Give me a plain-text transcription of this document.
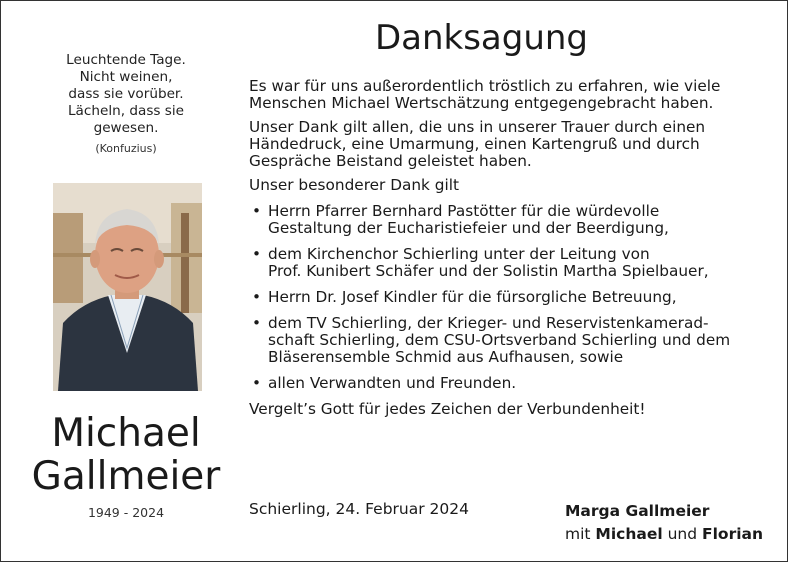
Leuchtende Tage.
Nicht weinen,
dass sie vorüber.
Lächeln, dass sie
gewesen.
(Konfuzius)
Michael
Gallmeier
1949 - 2024
Danksagung
Es war für uns außerordentlich tröstlich zu erfahren, wie viele
Menschen Michael Wertschätzung entgegengebracht haben.
Unser Dank gilt allen, die uns in unserer Trauer durch einen
Händedruck, eine Umarmung, einen Kartengruß und durch
Gespräche Beistand geleistet haben.
Unser besonderer Dank gilt
• Herrn Pfarrer Bernhard Pastötter für die würdevolle
Gestaltung der Eucharistiefeier und der Beerdigung,
• dem Kirchenchor Schierling unter der Leitung von
Prof. Kunibert Schäfer und der Solistin Martha Spielbauer,
• Herrn Dr. Josef Kindler für die fürsorgliche Betreuung,
• dem TV Schierling, der Krieger- und Reservistenkamerad-
schaft Schierling, dem CSU-Ortsverband Schierling und dem
Bläserensemble Schmid aus Aufhausen, sowie
• allen Verwandten und Freunden.
Vergelt’s Gott für jedes Zeichen der Verbundenheit!
Schierling, 24. Februar 2024	Marga Gallmeier
mit Michael und Florian
